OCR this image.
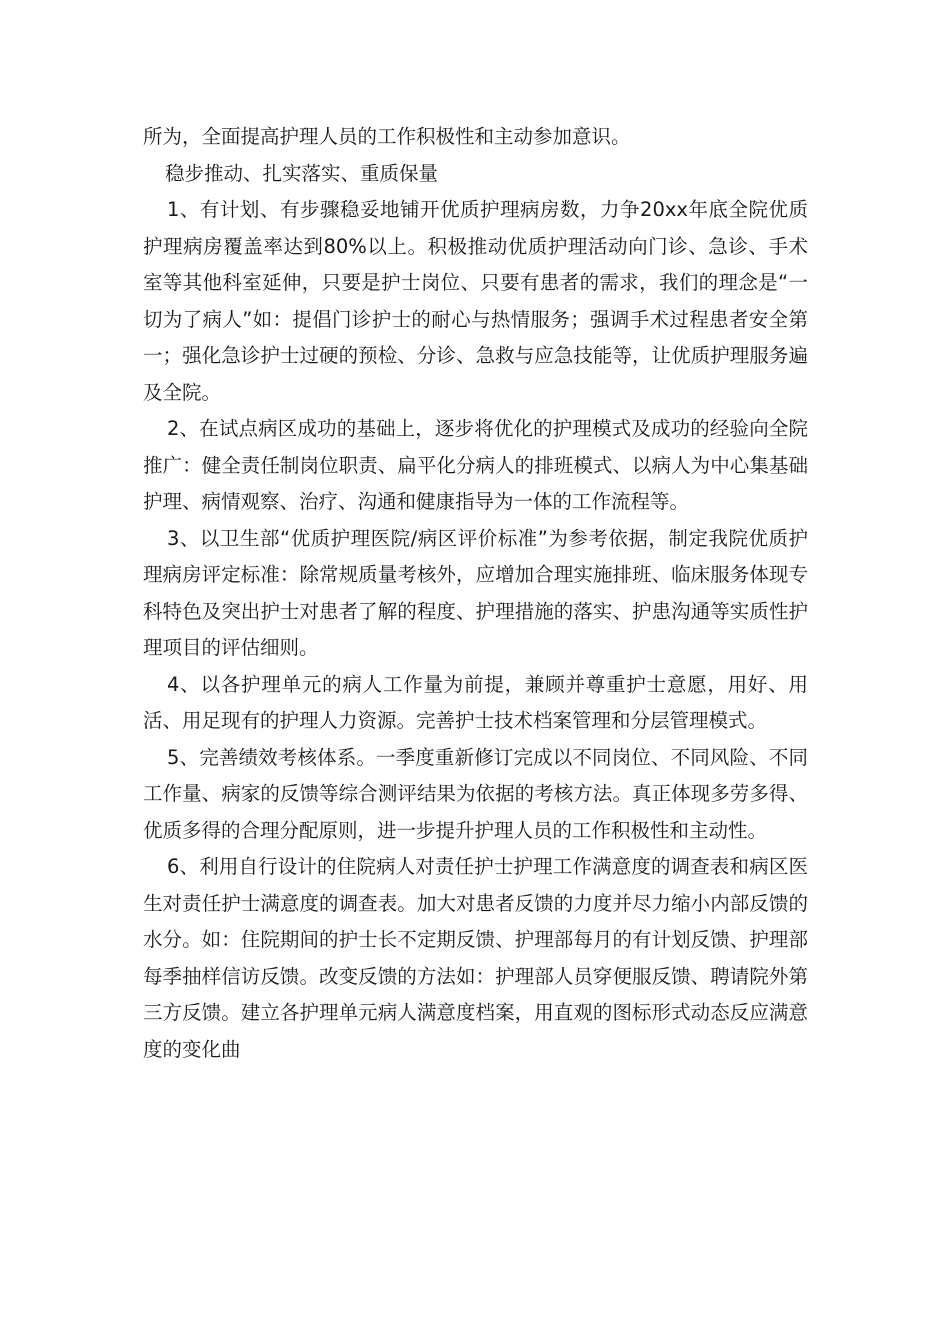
所为，全面提高护理人员的工作积极性和主动参加意识。

稳步推动、扎实落实、重质保量

1、有计划、有步骤稳妥地铺开优质护理病房数，力争20xx年底全院优质护理病房覆盖率达到80%以上。积极推动优质护理活动向门诊、急诊、手术室等其他科室延伸，只要是护士岗位、只要有患者的需求，我们的理念是“一切为了病人”如：提倡门诊护士的耐心与热情服务；强调手术过程患者安全第一；强化急诊护士过硬的预检、分诊、急救与应急技能等，让优质护理服务遍及全院。

2、在试点病区成功的基础上，逐步将优化的护理模式及成功的经验向全院推广：健全责任制岗位职责、扁平化分病人的排班模式、以病人为中心集基础护理、病情观察、治疗、沟通和健康指导为一体的工作流程等。

3、以卫生部“优质护理医院/病区评价标准”为参考依据，制定我院优质护理病房评定标准：除常规质量考核外，应增加合理实施排班、临床服务体现专科特色及突出护士对患者了解的程度、护理措施的落实、护患沟通等实质性护理项目的评估细则。

4、以各护理单元的病人工作量为前提，兼顾并尊重护士意愿，用好、用活、用足现有的护理人力资源。完善护士技术档案管理和分层管理模式。

5、完善绩效考核体系。一季度重新修订完成以不同岗位、不同风险、不同工作量、病家的反馈等综合测评结果为依据的考核方法。真正体现多劳多得、优质多得的合理分配原则，进一步提升护理人员的工作积极性和主动性。

6、利用自行设计的住院病人对责任护士护理工作满意度的调查表和病区医生对责任护士满意度的调查表。加大对患者反馈的力度并尽力缩小内部反馈的水分。如：住院期间的护士长不定期反馈、护理部每月的有计划反馈、护理部每季抽样信访反馈。改变反馈的方法如：护理部人员穿便服反馈、聘请院外第三方反馈。建立各护理单元病人满意度档案，用直观的图标形式动态反应满意度的变化曲
